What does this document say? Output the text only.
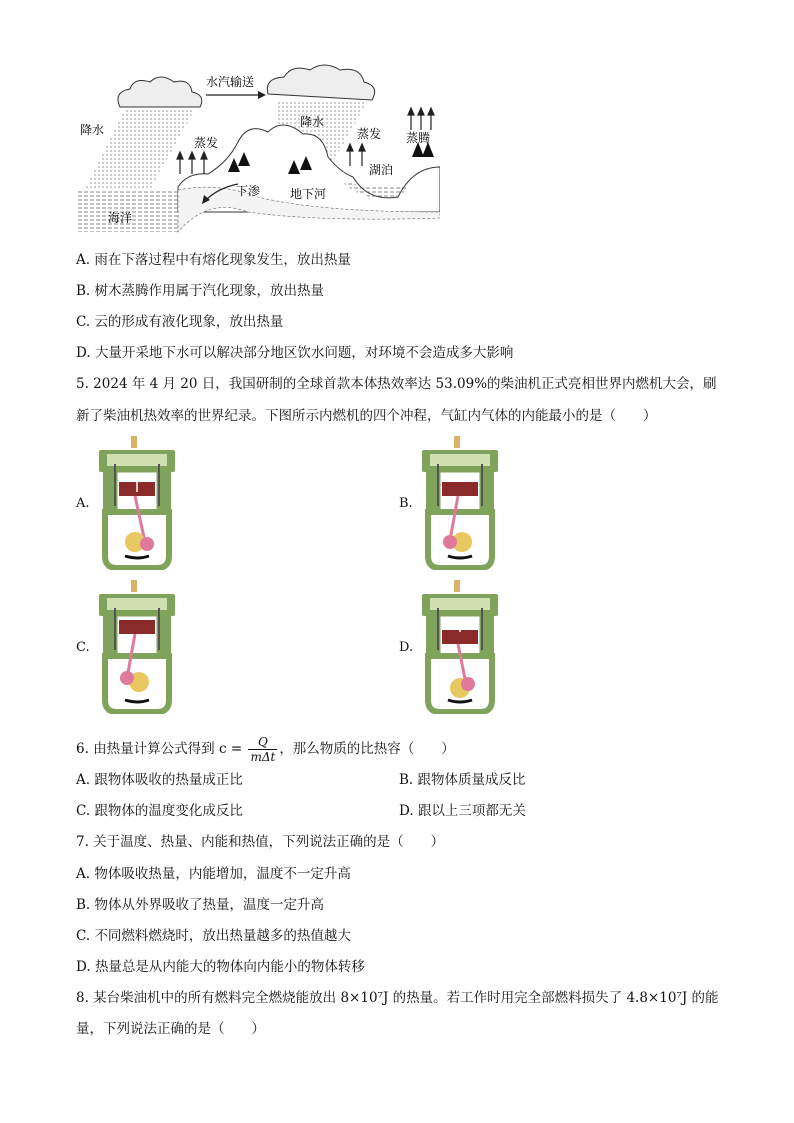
水汽输送
降水
降水
蒸发
蒸发 蒸腾
湖泊
下渗 地下河
海洋
A. 雨在下落过程中有熔化现象发生，放出热量
B. 树木蒸腾作用属于汽化现象，放出热量
C. 云的形成有液化现象，放出热量
D. 大量开采地下水可以解决部分地区饮水问题，对环境不会造成多大影响
5. 2024 年 4 月 20 日，我国研制的全球首款本体热效率达 53.09%的柴油机正式亮相世界内燃机大会，刷
新了柴油机热效率的世界纪录。下图所示内燃机的四个冲程，气缸内气体的内能最小的是（　　）
A.	B.
C.	D.
6. 由热量计算公式得到 $c = \frac{Q}{\text{mΔt}}$ ，那么物质的比热容（　　）
A. 跟物体吸收的热量成正比	B. 跟物体质量成反比
C. 跟物体的温度变化成反比	D. 跟以上三项都无关
7. 关于温度、热量、内能和热值，下列说法正确的是（　　）
A. 物体吸收热量，内能增加，温度不一定升高
B. 物体从外界吸收了热量，温度一定升高
C. 不同燃料燃烧时，放出热量越多的热值越大
D. 热量总是从内能大的物体向内能小的物体转移
8. 某台柴油机中的所有燃料完全燃烧能放出 8×10⁷J 的热量。若工作时用完全部燃料损失了 4.8×10⁷J 的能
量，下列说法正确的是（　　）
